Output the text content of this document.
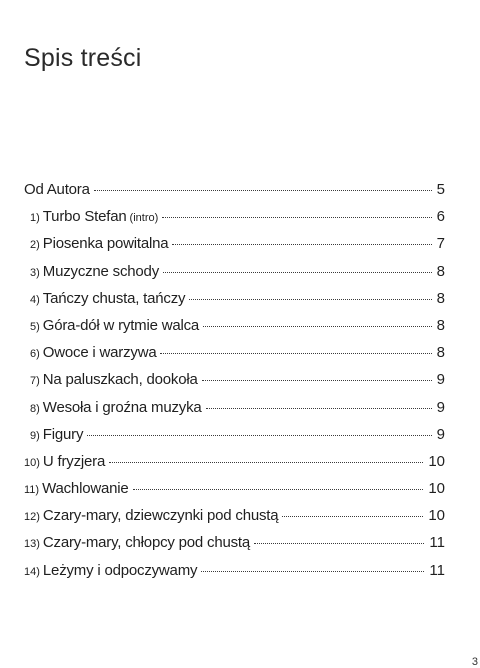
Spis treści
Od Autora	5
1) Turbo Stefan (intro)	6
2) Piosenka powitalna	7
3) Muzyczne schody	8
4) Tańczy chusta, tańczy	8
5) Góra-dół w rytmie walca	8
6) Owoce i warzywa	8
7) Na paluszkach, dookoła	9
8) Wesoła i groźna muzyka	9
9) Figury	9
10) U fryzjera	10
11) Wachlowanie	10
12) Czary-mary, dziewczynki pod chustą	10
13) Czary-mary, chłopcy pod chustą	11
14) Leżymy i odpoczywamy	11
3
